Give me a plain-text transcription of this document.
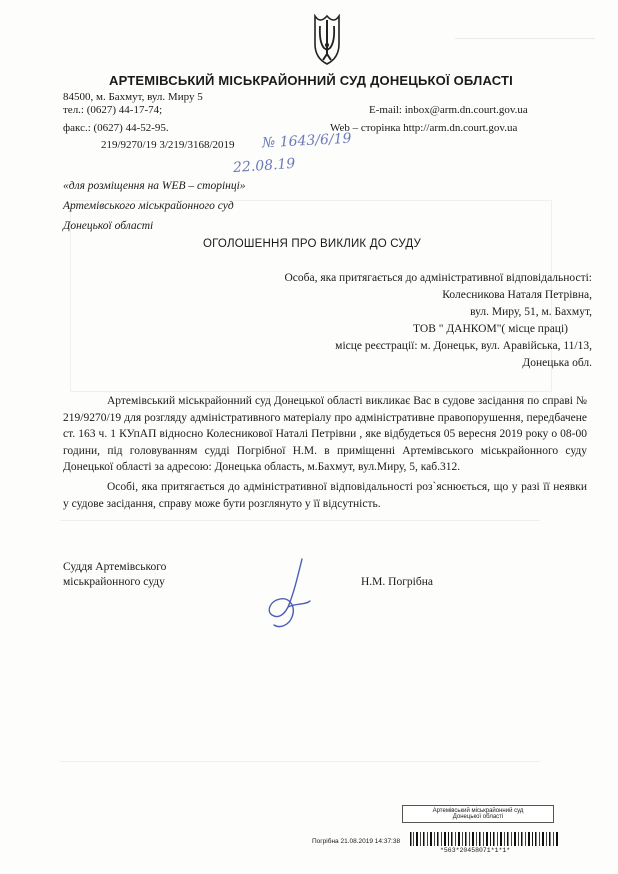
АРТЕМІВСЬКИЙ МІСЬКРАЙОННИЙ СУД ДОНЕЦЬКОЇ ОБЛАСТІ
84500, м. Бахмут, вул. Миру 5
тел.: (0627) 44-17-74;
факс.: (0627) 44-52-95.
E-mail: inbox@arm.dn.court.gov.ua
Web – сторінка http://arm.dn.court.gov.ua
219/9270/19 3/219/3168/2019 № 1643/6/19
22.08.19
«для розміщення на WEB – сторінці»
Артемівського міськрайонного суд
Донецької області
ОГОЛОШЕННЯ ПРО ВИКЛИК ДО СУДУ
Особа, яка притягається до адміністративної відповідальності:
Колесникова Наталя Петрівна,
вул. Миру, 51, м. Бахмут,
ТОВ " ДАНКОМ"( місце праці)
місце реєстрації: м. Донецьк, вул. Аравійська, 11/13,
Донецька обл.
Артемівський міськрайонний суд Донецької області викликає Вас в судове засідання по справі № 219/9270/19 для розгляду адміністративного матеріалу про адміністративне правопорушення, передбачене ст. 163 ч. 1 КУпАП відносно Колесникової Наталі Петрівни , яке відбудеться 05 вересня 2019 року о 08-00 години, під головуванням судді Погрібної Н.М. в приміщенні Артемівського міськрайонного суду Донецької області за адресою: Донецька область, м.Бахмут, вул.Миру, 5, каб.312.
Особі, яка притягається до адміністративної відповідальності роз`яснюється, що у разі її неявки у судове засідання, справу може бути розглянуто у її відсутність.
Суддя Артемівського
міськрайонного суду	Н.М. Погрібна
Артемівський міськрайонний суд
Донецької області
Погрібна 21.08.2019 14:37:38
*563*20458071*1*1*
